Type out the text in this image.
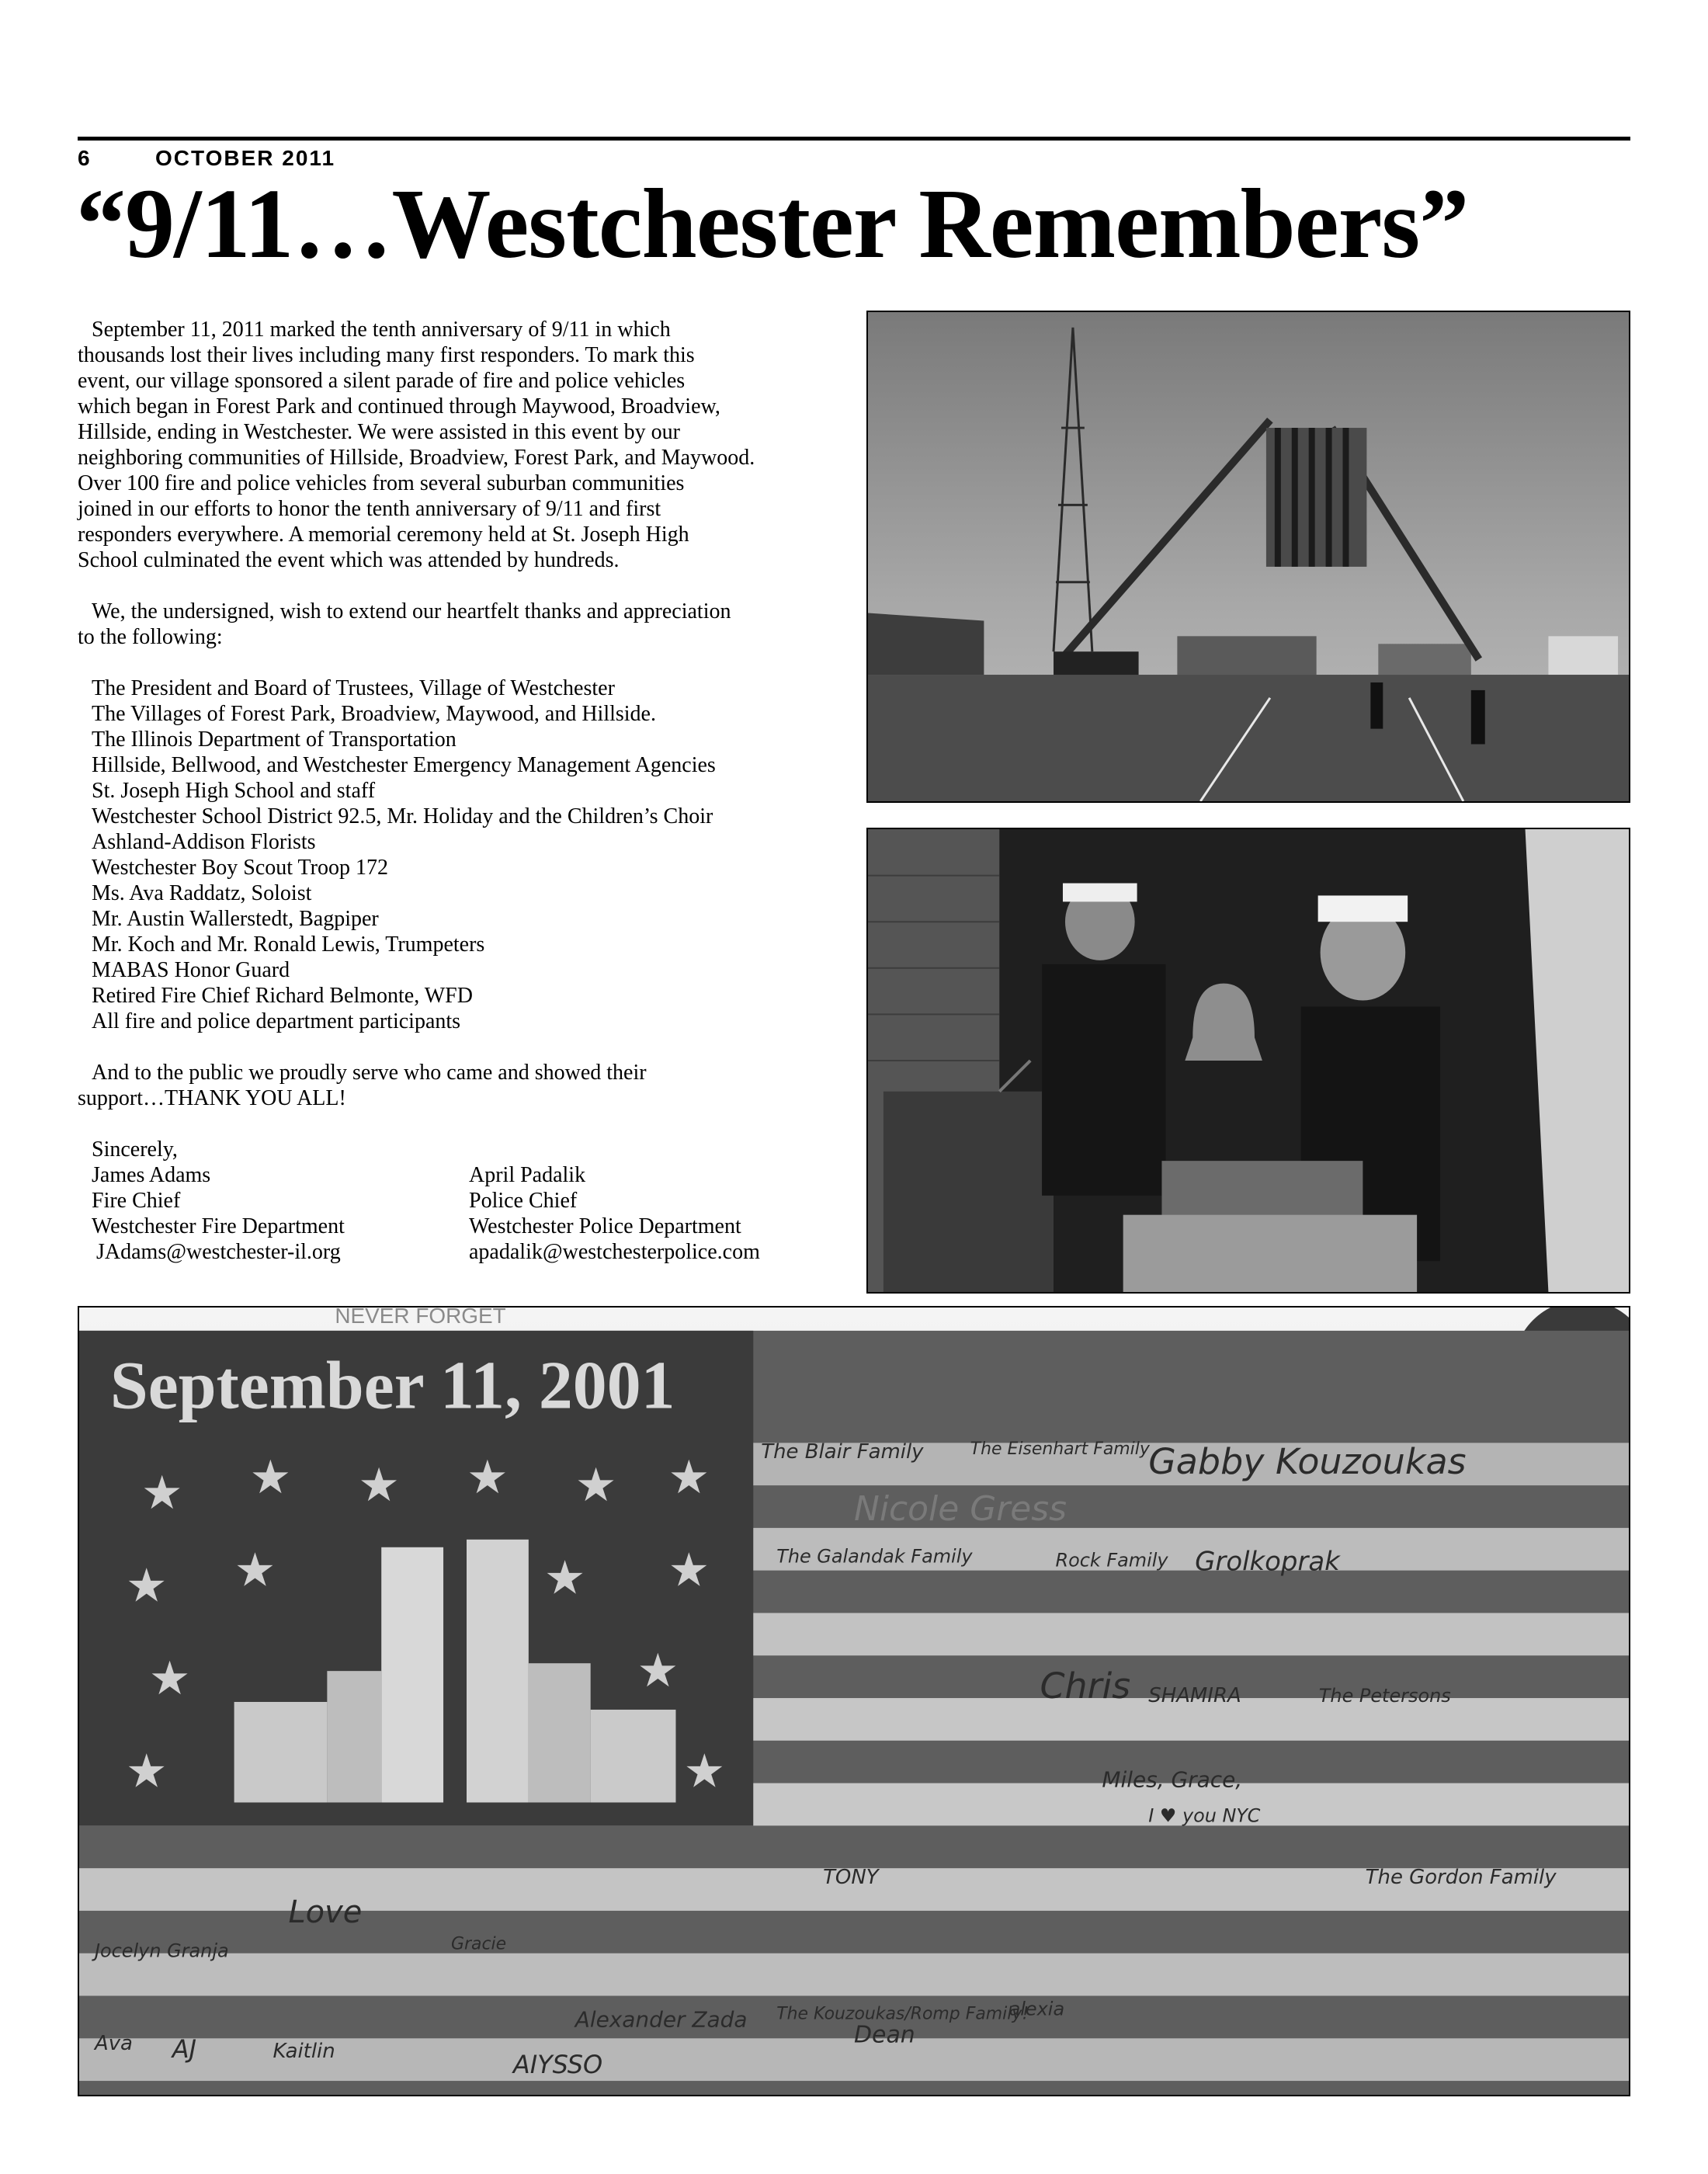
6	OCTOBER 2011
“9/11…Westchester Remembers”

September 11, 2011 marked the tenth anniversary of 9/11 in which

thousands lost their lives including many first responders. To mark this

event, our village sponsored a silent parade of fire and police vehicles

which began in Forest Park and continued through Maywood, Broadview,

Hillside, ending in Westchester. We were assisted in this event by our

neighboring communities of Hillside, Broadview, Forest Park, and Maywood.

Over 100 fire and police vehicles from several suburban communities

joined in our efforts to honor the tenth anniversary of 9/11 and first

responders everywhere. A memorial ceremony held at St. Joseph High

School culminated the event which was attended by hundreds.

We, the undersigned, wish to extend our heartfelt thanks and appreciation

to the following:

The President and Board of Trustees, Village of Westchester

The Villages of Forest Park, Broadview, Maywood, and Hillside.

The Illinois Department of Transportation

Hillside, Bellwood, and Westchester Emergency Management Agencies

St. Joseph High School and staff

Westchester School District 92.5, Mr. Holiday and the Children’s Choir

Ashland-Addison Florists

Westchester Boy Scout Troop 172

Ms. Ava Raddatz, Soloist

Mr. Austin Wallerstedt, Bagpiper

Mr. Koch and Mr. Ronald Lewis, Trumpeters

MABAS Honor Guard

Retired Fire Chief Richard Belmonte, WFD

All fire and police department participants

And to the public we proudly serve who came and showed their

support…THANK YOU ALL!

Sincerely,

James Adams

Fire Chief

Westchester Fire Department

JAdams@westchester-il.org

April Padalik

Police Chief

Westchester Police Department

apadalik@westchesterpolice.com

NEVER FORGET
September 11, 2001
★ ★ ★ ★ ★ ★
★ ★	★ ★
★	★
★	★
The Blair Family	The Eisenhart Family
Gabby Kouzoukas
Nicole Gress
The Galandak Family	Rock Family Grolkoprak
Chris SHAMIRA	The Petersons
Miles, Grace,
I ♥ you NYC
TONY	The Gordon Family
Love
Gracie
Jocelyn Granja
The Kouzoukas/Romp Family!
alexia
Dean
AIYSSO
Alexander Zada
Kaitlin
AJ
Ava
